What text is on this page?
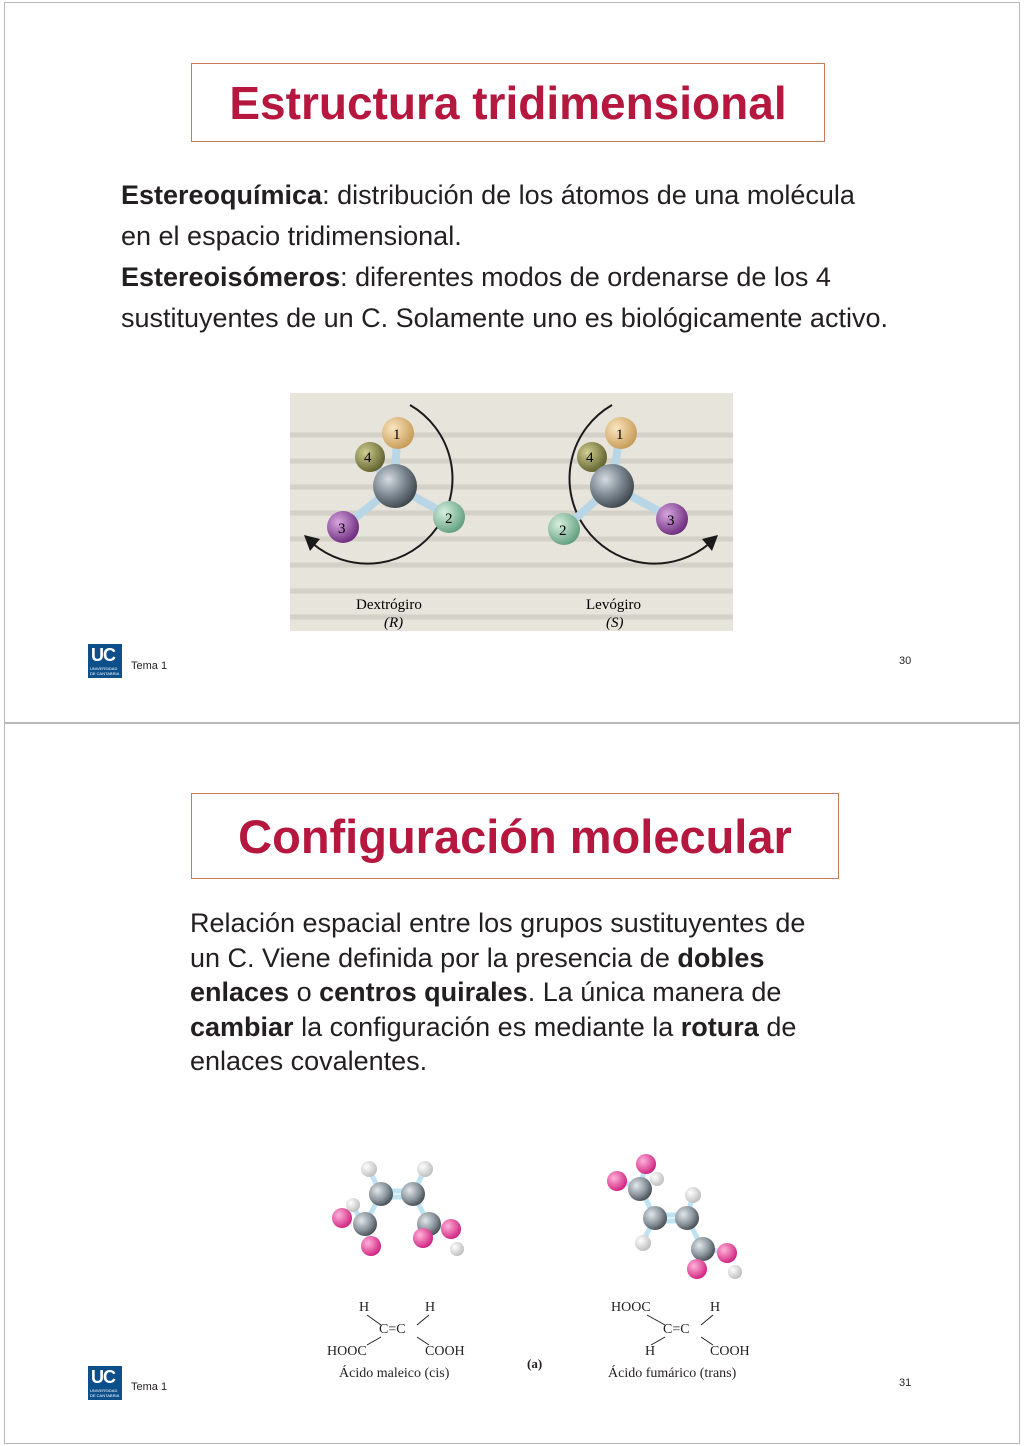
Estructura tridimensional
Estereoquímica: distribución de los átomos de una molécula
en el espacio tridimensional.
Estereoisómeros: diferentes modos de ordenarse de los 4
sustituyentes de un C. Solamente uno es biológicamente activo.
1
4
2
3
Dextrógiro
(R)
1
4
3
2
Levógiro
(S)
UC
UNIVERSIDAD DE CANTABRIA
Tema 1	30
Configuración molecular
Relación espacial entre los grupos sustituyentes de
un C. Viene definida por la presencia de dobles
enlaces o centros quirales. La única manera de
cambiar la configuración es mediante la rotura de
enlaces covalentes.
H	H
C=C
HOOC	COOH
Ácido maleico (cis)
HOOC	H
C=C
H	COOH
Ácido fumárico (trans)
(a)
UC
UNIVERSIDAD DE CANTABRIA
Tema 1	31
